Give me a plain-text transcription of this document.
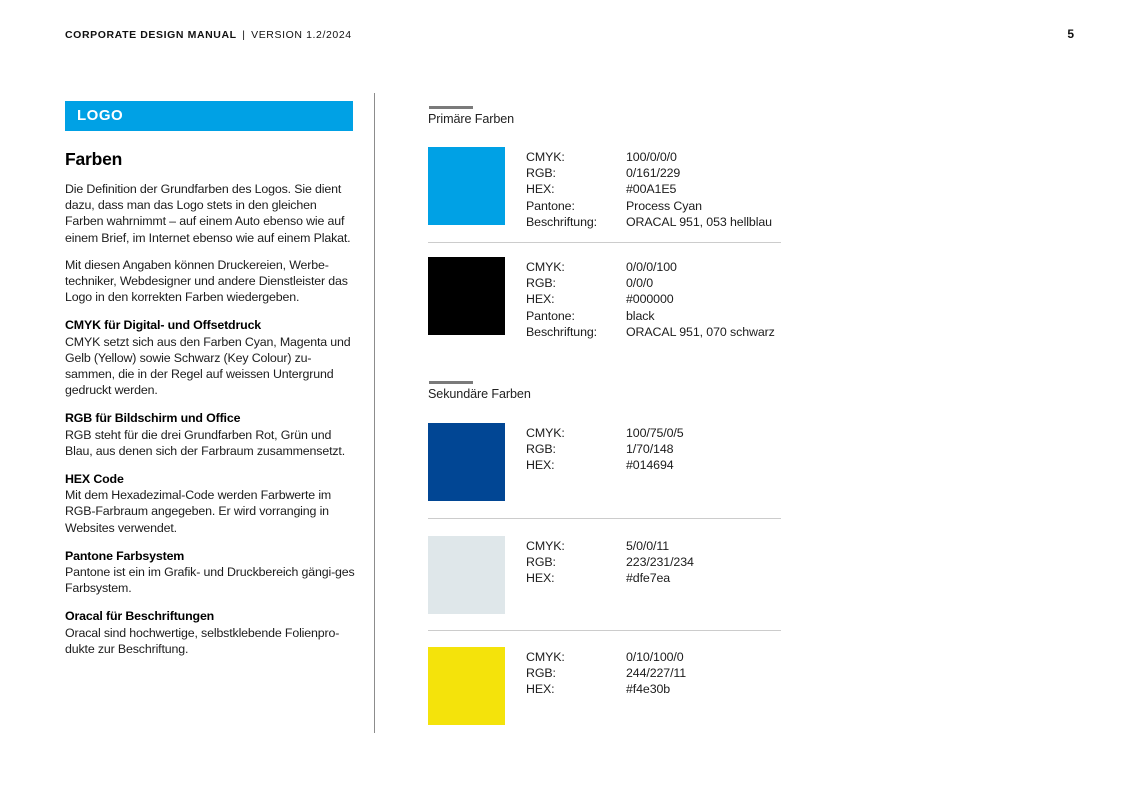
CORPORATE DESIGN MANUAL | VERSION 1.2/2024	5
LOGO
Farben

Die Definition der Grundfarben des Logos. Sie dient dazu, dass man das Logo stets in den gleichen Farben wahrnimmt – auf einem Auto ebenso wie auf einem Brief, im Internet ebenso wie auf einem Plakat.

Mit diesen Angaben können Druckereien, Werbe-techniker, Webdesigner und andere Dienstleister das Logo in den korrekten Farben wiedergeben.

CMYK für Digital- und Offsetdruck

CMYK setzt sich aus den Farben Cyan, Magenta und Gelb (Yellow) sowie Schwarz (Key Colour) zu-sammen, die in der Regel auf weissen Untergrund gedruckt werden.

RGB für Bildschirm und Office

RGB steht für die drei Grundfarben Rot, Grün und Blau, aus denen sich der Farbraum zusammensetzt.

HEX Code

Mit dem Hexadezimal-Code werden Farbwerte im RGB-Farbraum angegeben. Er wird vorranging in Websites verwendet.

Pantone Farbsystem

Pantone ist ein im Grafik- und Druckbereich gängi-ges Farbsystem.

Oracal für Beschriftungen

Oracal sind hochwertige, selbstklebende Folienpro-dukte zur Beschriftung.

Primäre Farben
CMYK:	100/0/0/0
RGB:	0/161/229
HEX:	#00A1E5
Pantone:	Process Cyan
Beschriftung: ORACAL 951, 053 hellblau
CMYK:	0/0/0/100
RGB:	0/0/0
HEX:	#000000
Pantone:	black
Beschriftung: ORACAL 951, 070 schwarz
Sekundäre Farben
CMYK:	100/75/0/5
RGB:	1/70/148
HEX:	#014694
CMYK:	5/0/0/11
RGB:	223/231/234
HEX:	#dfe7ea
CMYK:	0/10/100/0
RGB:	244/227/11
HEX:	#f4e30b
